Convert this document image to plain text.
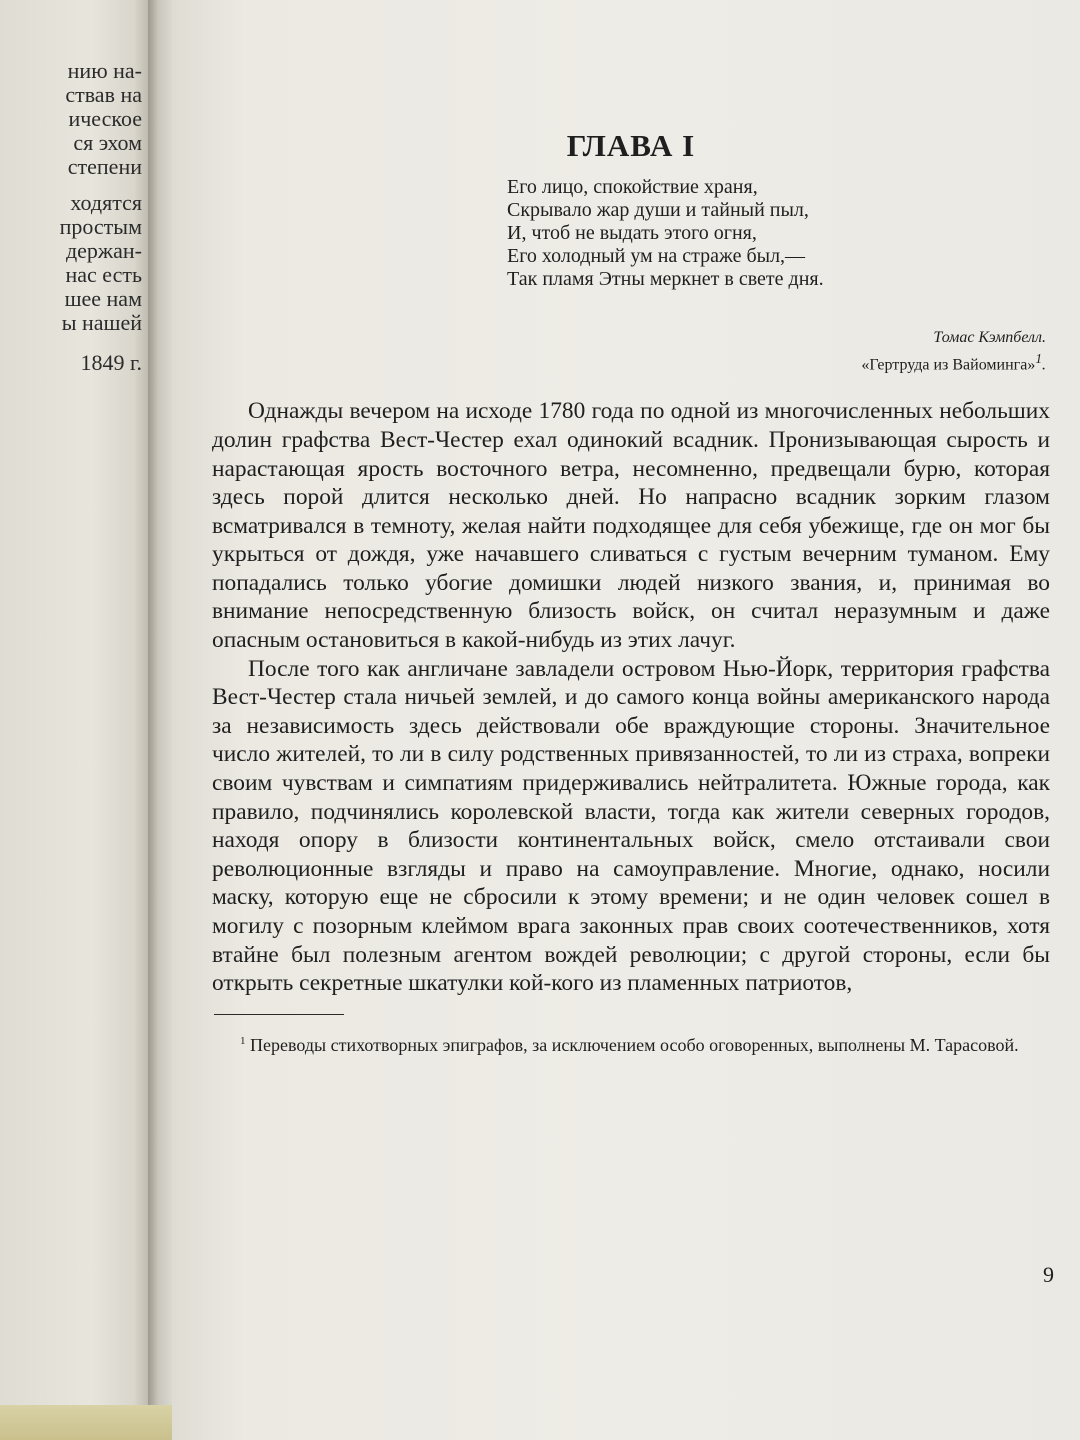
нию на-
ствав на
ическое
ся эхом
степени
ходятся
простым
держан-
нас есть
шее нам
ы нашей
1849 г.
ГЛАВА I
Его лицо, спокойствие храня,
Скрывало жар души и тайный пыл,
И, чтоб не выдать этого огня,
Его холодный ум на страже был,—
Так пламя Этны меркнет в свете дня.
Томас Кэмпбелл.
«Гертруда из Вайоминга»$^1$.

Однажды вечером на исходе 1780 года по одной из многочисленных небольших долин графства Вест-Честер ехал одинокий всадник. Пронизывающая сырость и нарастающая ярость восточного ветра, несомненно, предвещали бурю, которая здесь порой длится несколько дней. Но напрасно всадник зорким глазом всматривался в темноту, желая найти подходящее для себя убежище, где он мог бы укрыться от дождя, уже начавшего сливаться с густым вечерним туманом. Ему попадались только убогие домишки людей низкого звания, и, принимая во внимание непосредственную близость войск, он считал неразумным и даже опасным остановиться в какой-нибудь из этих лачуг.

После того как англичане завладели островом Нью-Йорк, территория графства Вест-Честер стала ничьей землей, и до самого конца войны американского народа за независимость здесь действовали обе враждующие стороны. Значительное число жителей, то ли в силу родственных привязанностей, то ли из страха, вопреки своим чувствам и симпатиям придерживались нейтралитета. Южные города, как правило, подчинялись королевской власти, тогда как жители северных городов, находя опору в близости континентальных войск, смело отстаивали свои революционные взгляды и право на самоуправление. Многие, однако, носили маску, которую еще не сбросили к этому времени; и не один человек сошел в могилу с позорным клеймом врага законных прав своих соотечественников, хотя втайне был полезным агентом вождей революции; с другой стороны, если бы открыть секретные шкатулки кой-кого из пламенных патриотов,

$^1$ Переводы стихотворных эпиграфов, за исключением особо оговоренных, выполнены М. Тарасовой.
9
